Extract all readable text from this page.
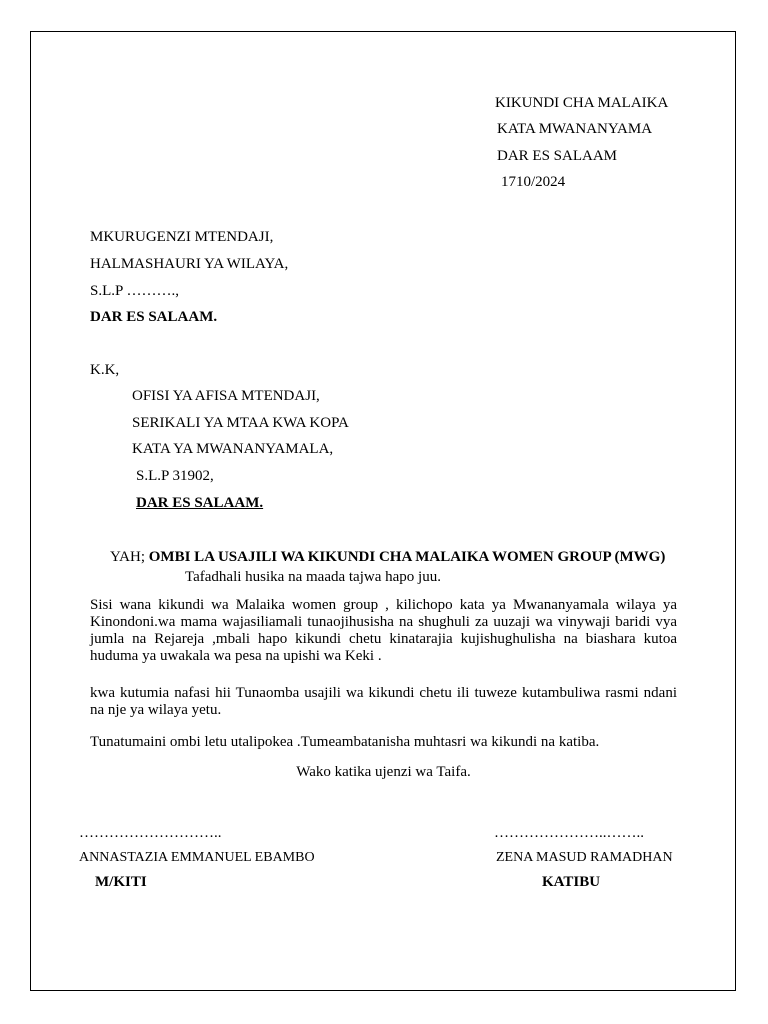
KIKUNDI CHA MALAIKA
KATA MWANANYAMA
DAR ES SALAAM
1710/2024
MKURUGENZI MTENDAJI,
HALMASHAURI YA WILAYA,
S.L.P ……….,
DAR ES SALAAM.
K.K,
OFISI YA AFISA MTENDAJI,
SERIKALI YA MTAA KWA KOPA
KATA YA MWANANYAMALA,
S.L.P 31902,
DAR ES SALAAM.
YAH; OMBI LA USAJILI WA KIKUNDI CHA MALAIKA WOMEN GROUP (MWG)
Tafadhali husika na maada tajwa hapo juu.
Sisi wana kikundi wa Malaika women group , kilichopo kata ya Mwananyamala wilaya ya Kinondoni.wa mama wajasiliamali tunaojihusisha na shughuli za uuzaji wa vinywaji baridi vya jumla na Rejareja ,mbali hapo kikundi chetu kinatarajia kujishughulisha na biashara kutoa huduma ya uwakala wa pesa na upishi wa Keki .
kwa kutumia nafasi hii Tunaomba usajili wa kikundi chetu ili tuweze kutambuliwa rasmi ndani na nje ya wilaya yetu.
Tunatumaini ombi letu utalipokea .Tumeambatanisha muhtasri wa kikundi na katiba.
Wako katika ujenzi wa Taifa.
………………………..
ANNASTAZIA EMMANUEL EBAMBO
M/KITI
…………………..……..
ZENA MASUD RAMADHAN
KATIBU
